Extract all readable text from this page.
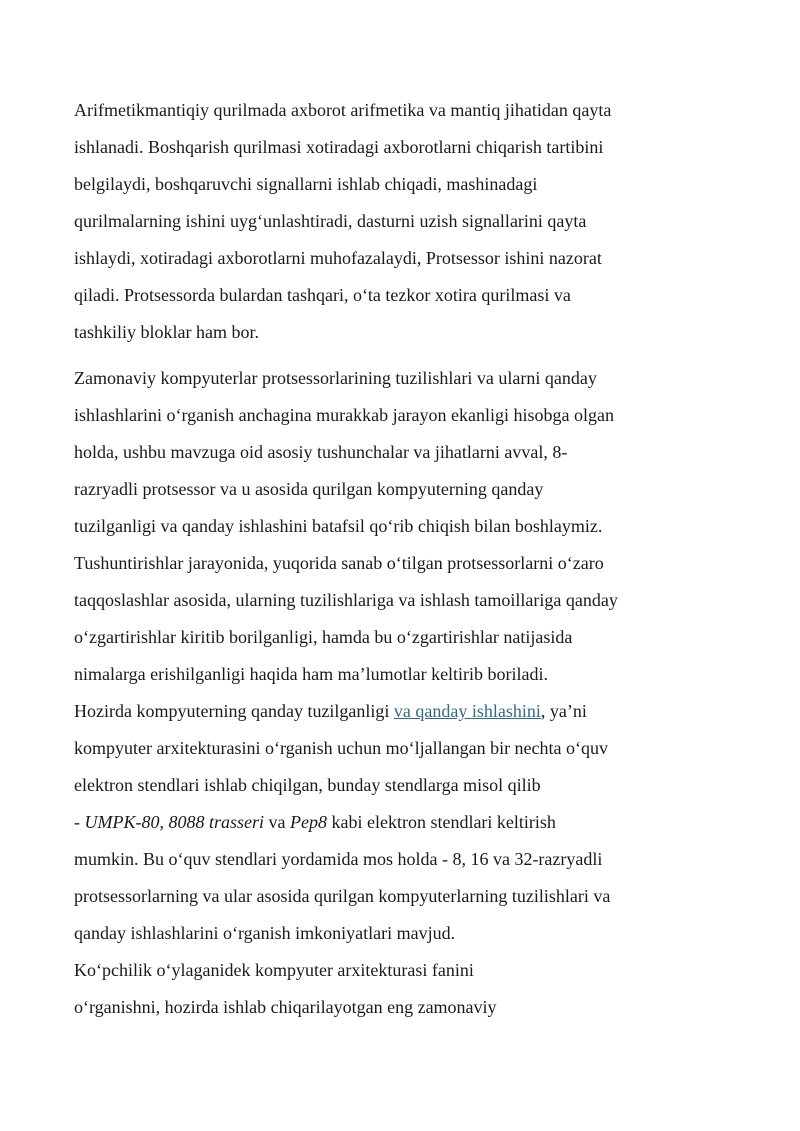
Arifmetikmantiqiy qurilmada axborot arifmetika va mantiq jihatidan qayta
ishlanadi. Boshqarish qurilmasi xotiradagi axborotlarni chiqarish tartibini
belgilaydi, boshqaruvchi signallarni ishlab chiqadi, mashinadagi
qurilmalarning ishini uyg‘unlashtiradi, dasturni uzish signallarini qayta
ishlaydi, xotiradagi axborotlarni muhofazalaydi, Protsessor ishini nazorat
qiladi. Protsessorda bulardan tashqari, o‘ta tezkor xotira qurilmasi va
tashkiliy bloklar ham bor.
Zamonaviy kompyuterlar protsessorlarining tuzilishlari va ularni qanday
ishlashlarini o‘rganish anchagina murakkab jarayon ekanligi hisobga olgan
holda, ushbu mavzuga oid asosiy tushunchalar va jihatlarni avval, 8-
razryadli protsessor va u asosida qurilgan kompyuterning qanday
tuzilganligi va qanday ishlashini batafsil qo‘rib chiqish bilan boshlaymiz.
Tushuntirishlar jarayonida, yuqorida sanab o‘tilgan protsessorlarni o‘zaro
taqqoslashlar asosida, ularning tuzilishlariga va ishlash tamoillariga qanday
o‘zgartirishlar kiritib borilganligi, hamda bu o‘zgartirishlar natijasida
nimalarga erishilganligi haqida ham ma’lumotlar keltirib boriladi.
Hozirda kompyuterning qanday tuzilganligi va qanday ishlashini, ya’ni
kompyuter arxitekturasini o‘rganish uchun mo‘ljallangan bir nechta o‘quv
elektron stendlari ishlab chiqilgan, bunday stendlarga misol qilib
- UMPK-80, 8088 trasseri va Pep8 kabi elektron stendlari keltirish
mumkin. Bu o‘quv stendlari yordamida mos holda - 8, 16 va 32-razryadli
protsessorlarning va ular asosida qurilgan kompyuterlarning tuzilishlari va
qanday ishlashlarini o‘rganish imkoniyatlari mavjud.
Ko‘pchilik o‘ylaganidek kompyuter arxitekturasi fanini
o‘rganishni, hozirda ishlab chiqarilayotgan eng zamonaviy
